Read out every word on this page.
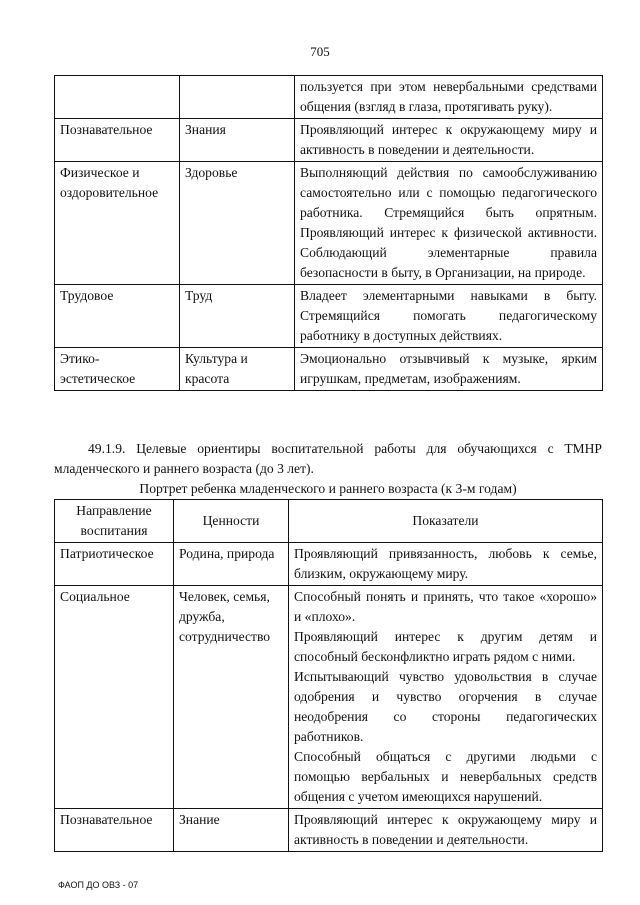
705
		пользуется при этом невербальными средствами общения (взгляд в глаза, протягивать руку).
Познавательное	Знания	Проявляющий интерес к окружающему миру и активность в поведении и деятельности.
Физическое и оздоровительное	Здоровье	Выполняющий действия по самообслуживанию самостоятельно или с помощью педагогического работника. Стремящийся быть опрятным. Проявляющий интерес к физической активности. Соблюдающий элементарные правила безопасности в быту, в Организации, на природе.
Трудовое	Труд	Владеет элементарными навыками в быту. Стремящийся помогать педагогическому работнику в доступных действиях.
Этико-эстетическое	Культура и красота	Эмоционально отзывчивый к музыке, ярким игрушкам, предметам, изображениям.
49.1.9. Целевые ориентиры воспитательной работы для обучающихся с ТМНР младенческого и раннего возраста (до 3 лет).
Портрет ребенка младенческого и раннего возраста (к 3-м годам)
Направление воспитания	Ценности	Показатели
Патриотическое	Родина, природа	Проявляющий привязанность, любовь к семье, близким, окружающему миру.

Социальное	Человек, семья, дружба, сотрудничество	Способный понять и принять, что такое «хорошо» и «плохо».
Проявляющий интерес к другим детям и способный бесконфликтно играть рядом с ними.
Испытывающий чувство удовольствия в случае одобрения и чувство огорчения в случае неодобрения со стороны педагогических работников.
Способный общаться с другими людьми с помощью вербальных и невербальных средств общения с учетом имеющихся нарушений.

Познавательное	Знание	Проявляющий интерес к окружающему миру и активность в поведении и деятельности.
ФАОП ДО ОВЗ - 07
